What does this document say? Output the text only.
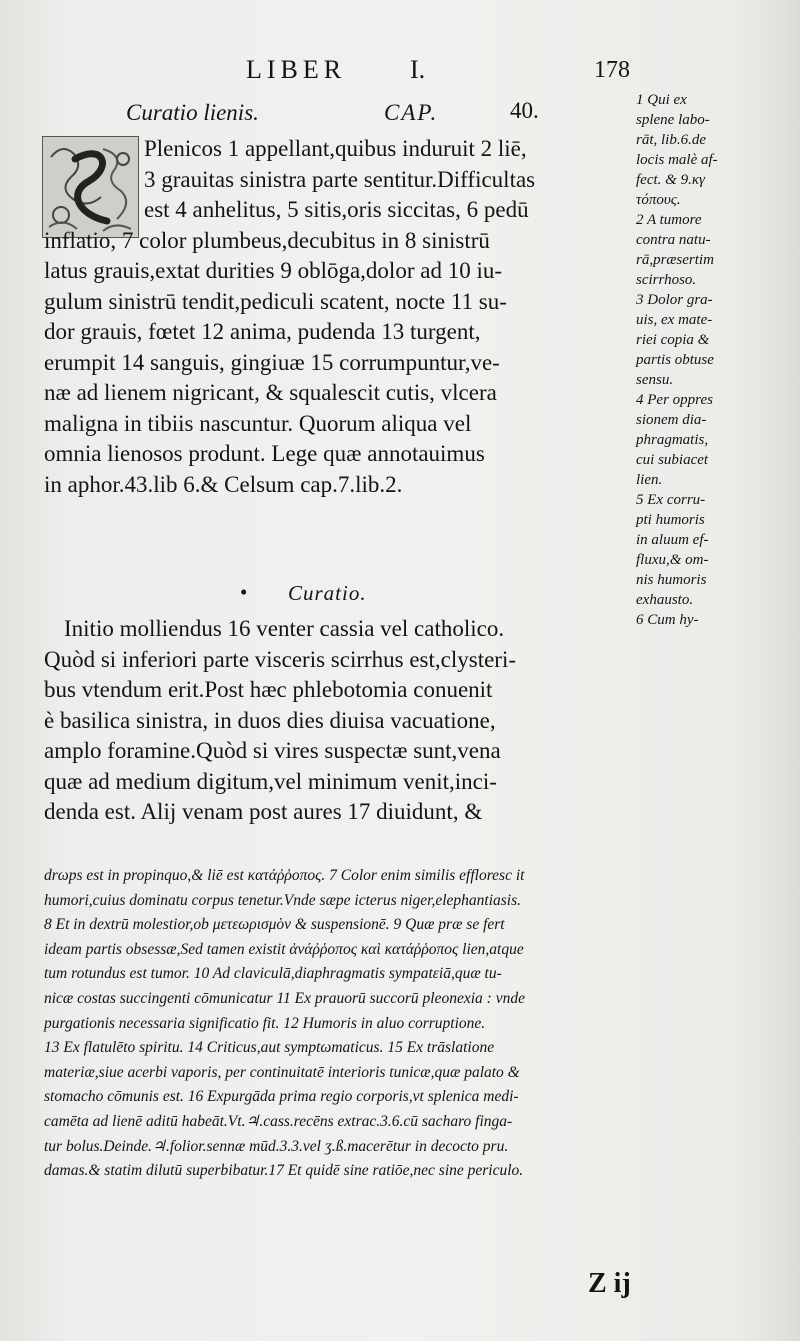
LIBER I.	178
Curatio lienis.	CAP.	40.
Plenicos 1 appellant,quibus induruit 2 liē,
3 grauitas sinistra parte sentitur.Difficultas
est 4 anhelitus, 5 sitis,oris siccitas, 6 pedū
inflatio, 7 color plumbeus,decubitus in 8 sinistrū
latus grauis,extat durities 9 oblōga,dolor ad 10 iu-
gulum sinistrū tendit,pediculi scatent, nocte 11 su-
dor grauis, fœtet 12 anima, pudenda 13 turgent,
erumpit 14 sanguis, gingiuæ 15 corrumpuntur,ve-
næ ad lienem nigricant, & squalescit cutis, vlcera
maligna in tibiis nascuntur. Quorum aliqua vel
omnia lienosos produnt. Lege quæ annotauimus
in aphor.43.lib 6.& Celsum cap.7.lib.2.
• Curatio.
Initio molliendus 16 venter cassia vel catholico.
Quòd si inferiori parte visceris scirrhus est,clysteri-
bus vtendum erit.Post hæc phlebotomia conuenit
è basilica sinistra, in duos dies diuisa vacuatione,
amplo foramine.Quòd si vires suspectæ sunt,vena
quæ ad medium digitum,vel minimum venit,inci-
denda est. Alij venam post aures 17 diuidunt, &
1 Qui ex
splene labo-
rāt, lib.6.de
locis malè af-
fect. & 9.κγ
τόπους.
2 A tumore
contra natu-
rā,præsertim
scirrhoso.
3 Dolor gra-
uis, ex mate-
riei copia &
partis obtuse
sensu.
4 Per oppres
sionem dia-
phragmatis,
cui subiacet
lien.
5 Ex corru-
pti humoris
in aluum ef-
fluxu,& om-
nis humoris
exhausto.
6 Cum hy-
drωps est in propinquo,& liē est κατάῤῥοπος. 7 Color enim similis effloresc it
humori,cuius dominatu corpus tenetur.Vnde sæpe icterus niger,elephantiasis.
8 Et in dextrū molestior,ob μετεωρισμὸν & suspensionē. 9 Quæ præ se fert
ideam partis obsessæ,Sed tamen existit ἀνάῤῥοπος καὶ κατάῤῥοπος lien,atque
tum rotundus est tumor. 10 Ad claviculā,diaphragmatis sympatεiā,quæ tu-
nicæ costas succingenti cōmunicatur 11 Ex prauorū succorū pleonexia : vnde
purgationis necessaria significatio fit. 12 Humoris in aluo corruptione.
13 Ex flatulēto spiritu. 14 Criticus,aut symptωmaticus. 15 Ex trāslatione
materiæ,siue acerbi vaporis, per continuitatē interioris tunicæ,quæ palato &
stomacho cōmunis est. 16 Expurgāda prima regio corporis,vt splenica medi-
camēta ad lienē aditū habeāt.Vt.♃.cass.recēns extrac.3.6.cū sacharo finga-
tur bolus.Deinde.♃.folior.sennæ mūd.3.3.vel ʒ.ß.macerētur in decocto pru.
damas.& statim dilutū superbibatur.17 Et quidē sine ratiōe,nec sine periculo.
Z ij
